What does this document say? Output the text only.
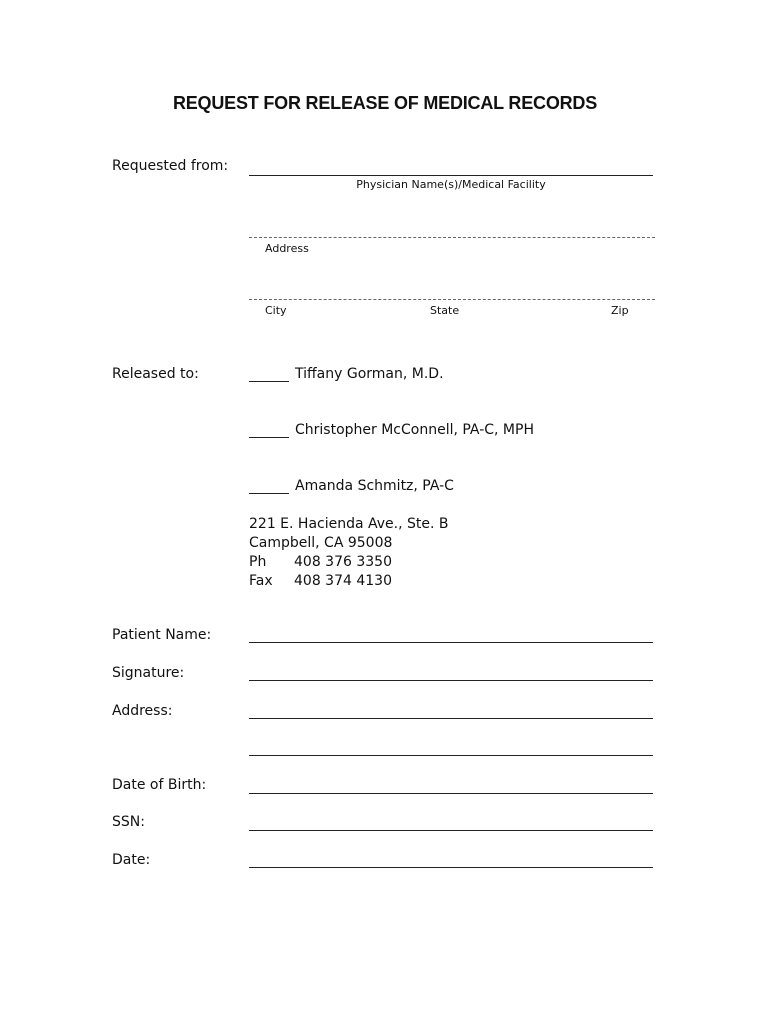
REQUEST FOR RELEASE OF MEDICAL RECORDS
Requested from:
Physician Name(s)/Medical Facility
Address
City	State	Zip
Released to:	Tiffany Gorman, M.D.
Christopher McConnell, PA-C, MPH
Amanda Schmitz, PA-C
221 E. Hacienda Ave., Ste. B
Campbell, CA 95008
Ph	408 376 3350
Fax	408 374 4130
Patient Name:
Signature:
Address:
Date of Birth:
SSN:
Date:
